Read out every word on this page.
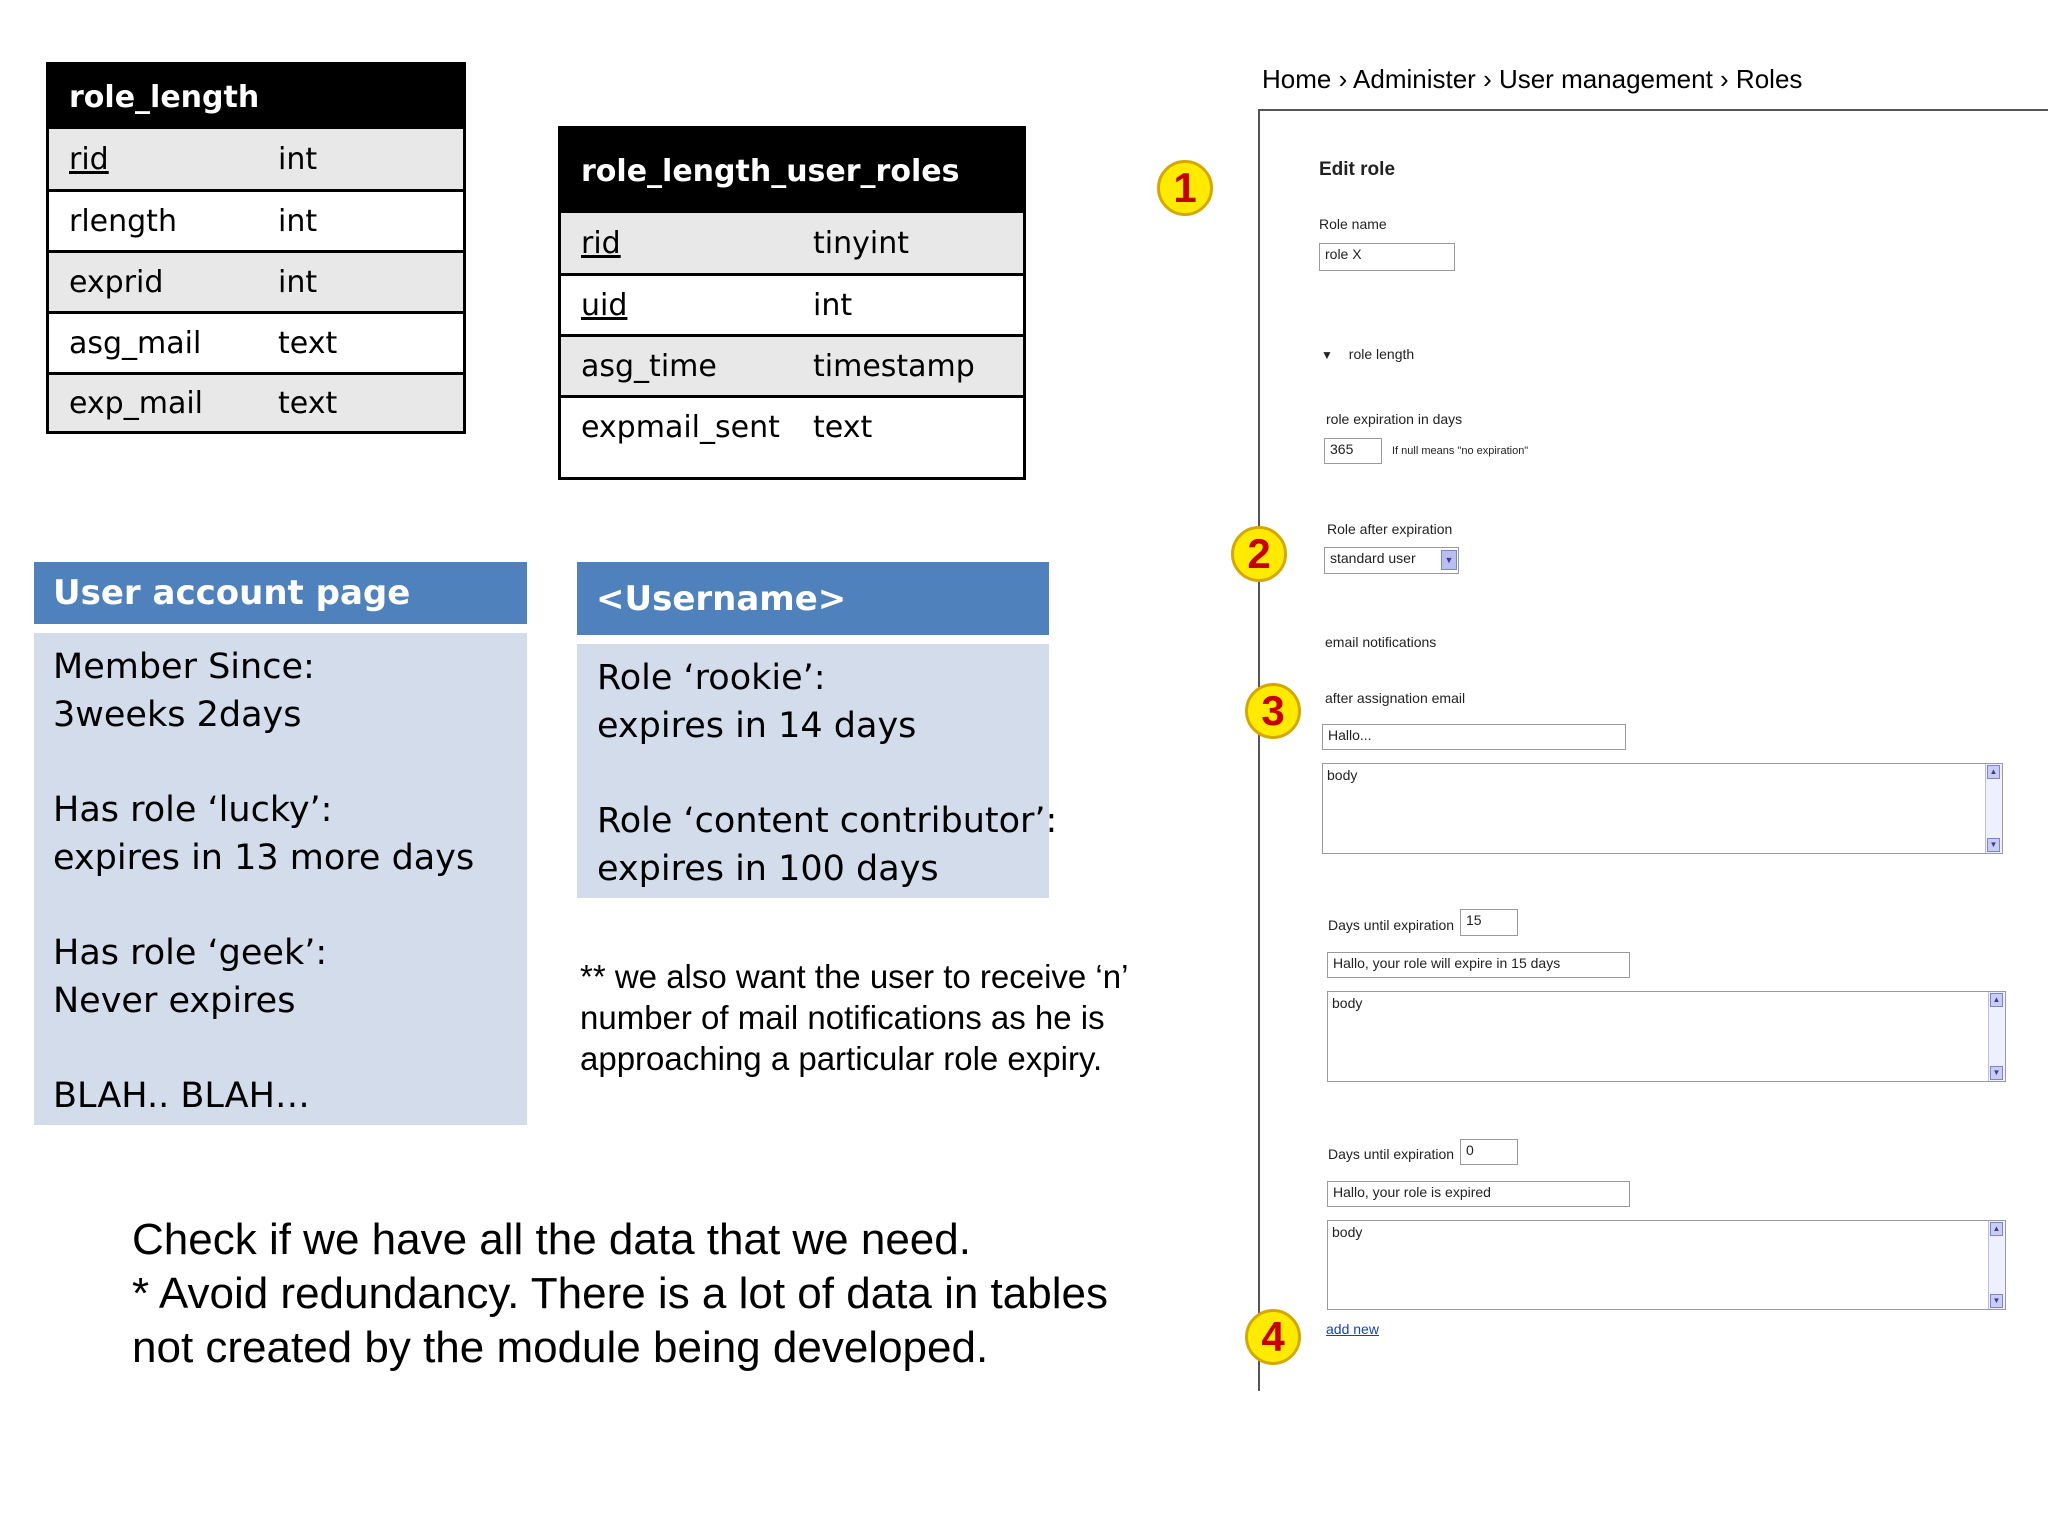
role_length
rid	int
rlength	int
exprid	int
asg_mail	text
exp_mail text
role_length_user_roles
rid	tinyint
uid	int
asg_time	timestamp
expmail_sent text
User account page
Member Since:
3weeks 2days
Has role ‘lucky’:
expires in 13 more days
Has role ‘geek’:
Never expires
BLAH.. BLAH…
<Username>
Role ‘rookie’:
expires in 14 days
Role ‘content contributor’:
expires in 100 days
** we also want the user to receive ‘n’ number of mail notifications as he is approaching a particular role expiry.
Check if we have all the data that we need.
* Avoid redundancy. There is a lot of data in tables
not created by the module being developed.
Home › Administer › User management › Roles
Edit role
Role name
role X
▼ role length
role expiration in days
365	If null means "no expiration"
Role after expiration
standard user	▼
email notifications
after assignation email
Hallo...
body	▲
▼
Days until expiration 15
Hallo, your role will expire in 15 days
body	▲
▼
Days until expiration 0
Hallo, your role is expired
body	▲
▼
add new
1
2
3
4
